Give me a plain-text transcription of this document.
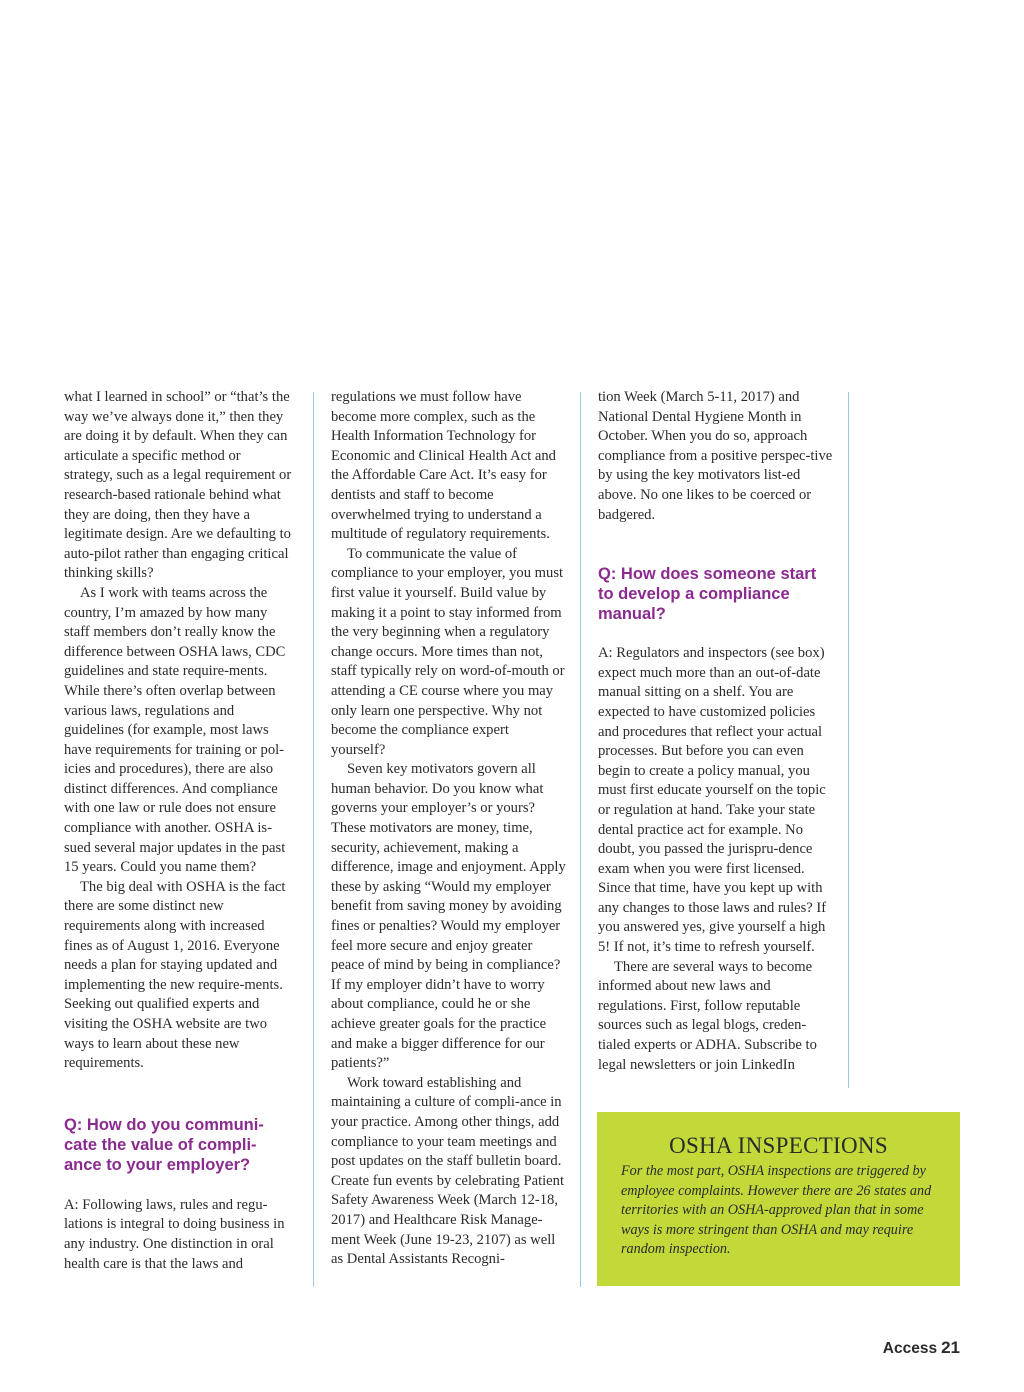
what I learned in school” or “that’s the way we’ve always done it,” then they are doing it by default. When they can articulate a specific method or strategy, such as a legal requirement or research-based rationale behind what they are doing, then they have a legitimate design. Are we defaulting to auto-pilot rather than engaging critical thinking skills?

As I work with teams across the country, I’m amazed by how many staff members don’t really know the difference between OSHA laws, CDC guidelines and state require-ments. While there’s often overlap between various laws, regulations and guidelines (for example, most laws have requirements for training or pol-icies and procedures), there are also distinct differences. And compliance with one law or rule does not ensure compliance with another. OSHA is-sued several major updates in the past 15 years. Could you name them?

The big deal with OSHA is the fact there are some distinct new requirements along with increased fines as of August 1, 2016. Everyone needs a plan for staying updated and implementing the new require-ments. Seeking out qualified experts and visiting the OSHA website are two ways to learn about these new requirements.

Q: How do you communi-cate the value of compli-ance to your employer?

A: Following laws, rules and regu-lations is integral to doing business in any industry. One distinction in oral health care is that the laws and

regulations we must follow have become more complex, such as the Health Information Technology for Economic and Clinical Health Act and the Affordable Care Act. It’s easy for dentists and staff to become overwhelmed trying to understand a multitude of regulatory requirements.

To communicate the value of compliance to your employer, you must first value it yourself. Build value by making it a point to stay informed from the very beginning when a regulatory change occurs. More times than not, staff typically rely on word-of-mouth or attending a CE course where you may only learn one perspective. Why not become the compliance expert yourself?

Seven key motivators govern all human behavior. Do you know what governs your employer’s or yours? These motivators are money, time, security, achievement, making a difference, image and enjoyment. Apply these by asking “Would my employer benefit from saving money by avoiding fines or penalties? Would my employer feel more secure and enjoy greater peace of mind by being in compliance? If my employer didn’t have to worry about compliance, could he or she achieve greater goals for the practice and make a bigger difference for our patients?”

Work toward establishing and maintaining a culture of compli-ance in your practice. Among other things, add compliance to your team meetings and post updates on the staff bulletin board. Create fun events by celebrating Patient Safety Awareness Week (March 12-18, 2017) and Healthcare Risk Manage-ment Week (June 19-23, 2107) as well as Dental Assistants Recogni-

tion Week (March 5-11, 2017) and National Dental Hygiene Month in October. When you do so, approach compliance from a positive perspec-tive by using the key motivators list-ed above. No one likes to be coerced or badgered.

Q: How does someone start to develop a compliance manual?

A: Regulators and inspectors (see box) expect much more than an out-of-date manual sitting on a shelf. You are expected to have customized policies and procedures that reflect your actual processes. But before you can even begin to create a policy manual, you must first educate yourself on the topic or regulation at hand. Take your state dental practice act for example. No doubt, you passed the jurispru-dence exam when you were first licensed. Since that time, have you kept up with any changes to those laws and rules? If you answered yes, give yourself a high 5! If not, it’s time to refresh yourself.

There are several ways to become informed about new laws and regulations. First, follow reputable sources such as legal blogs, creden-tialed experts or ADHA. Subscribe to legal newsletters or join LinkedIn

OSHA INSPECTIONS

For the most part, OSHA inspections are triggered by employee complaints. However there are 26 states and territories with an OSHA-approved plan that in some ways is more stringent than OSHA and may require random inspection.

Access 21
